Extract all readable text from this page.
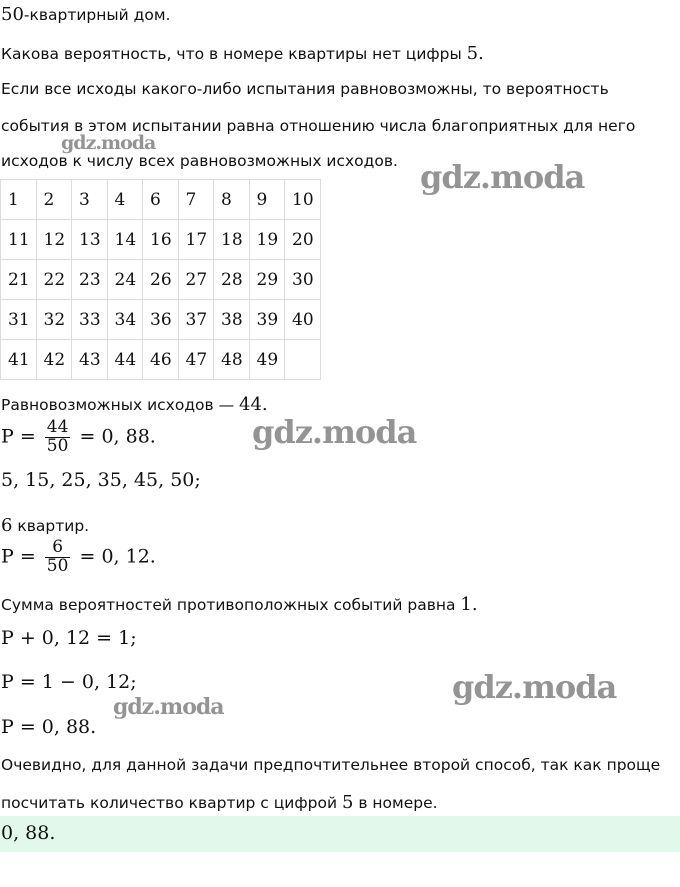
50-квартирный дом.
Какова вероятность, что в номере квартиры нет цифры 5.
Если все исходы какого-либо испытания равновозможны, то вероятность
события в этом испытании равна отношению числа благоприятных для него
исходов к числу всех равновозможных исходов.
gdz.moda
gdz.moda
1	2	3	4	6	7	8	9	10
11	12	13	14	16	17	18	19	20
21	22	23	24	26	27	28	29	30
31	32	33	34	36	37	38	39	40
41	42	43	44	46	47	48	49	
Равновозможных исходов — 44.
$P = \frac{44}{50} = 0$, 88.	gdz.moda
5, 15, 25, 35, 45, 50;
6 квартир.
$P = \frac{6}{50} = 0$, 12.
Сумма вероятностей противоположных событий равна 1.
P + 0, 12 = 1;
P = 1 − 0, 12;	gdz.moda
gdz.moda
P = 0, 88.
Очевидно, для данной задачи предпочтительнее второй способ, так как проще
посчитать количество квартир с цифрой 5 в номере.
0, 88.
